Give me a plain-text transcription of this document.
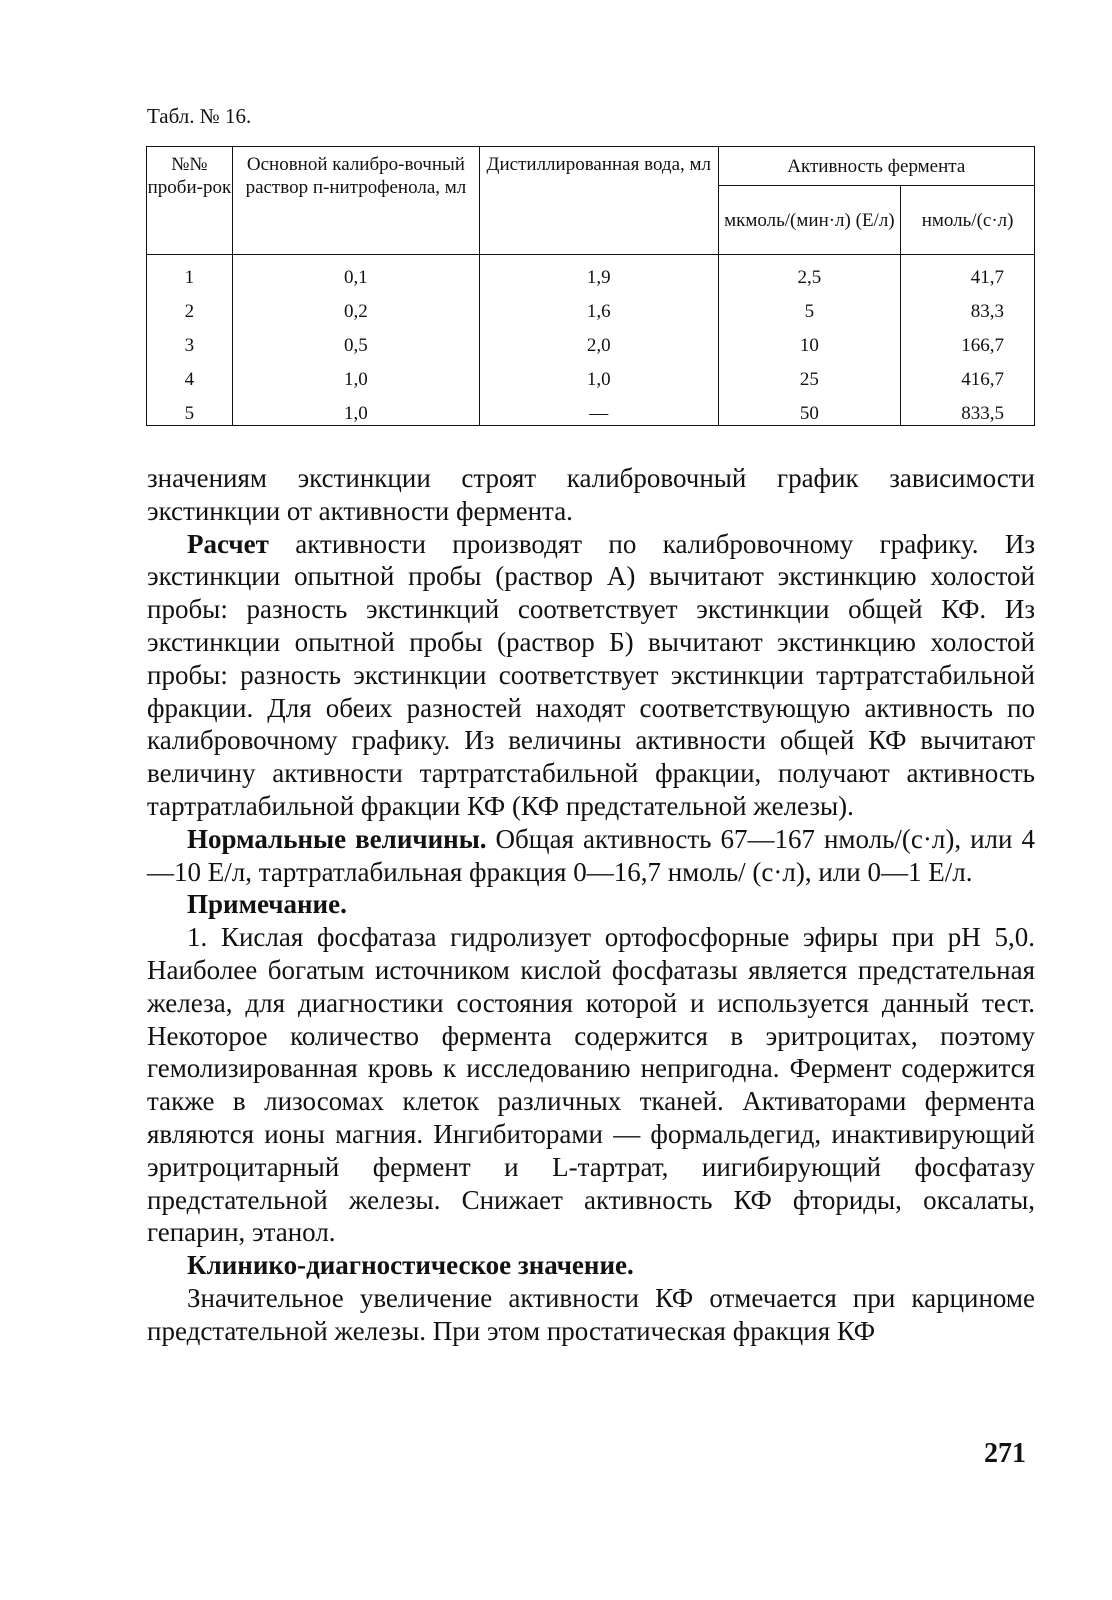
Табл. № 16.
№№ проби-рок	Основной калибро-вочный раствор п-нитрофенола, мл	Дистиллированная вода, мл	Активность фермента	
			мкмоль/(мин·л) (Е/л)	нмоль/(с·л)
1	0,1	1,9	2,5	41,7
2	0,2	1,6	5	83,3
3	0,5	2,0	10	166,7
4	1,0	1,0	25	416,7
5	1,0	—	50	833,5

значениям экстинкции строят калибровочный график зависимости экстинкции от активности фермента.

Расчет активности производят по калибровочному графику. Из экстинкции опытной пробы (раствор А) вычитают экстинкцию холостой пробы: разность экстинкций соответствует экстинкции общей КФ. Из экстинкции опытной пробы (раствор Б) вычитают экстинкцию холостой пробы: разность экстинкции соответствует экстинкции тартратстабильной фракции. Для обеих разностей находят соответствующую активность по калибровочному графику. Из величины активности общей КФ вычитают величину активности тартратстабильной фракции, получают активность тартратлабильной фракции КФ (КФ предстательной железы).

Нормальные величины. Общая активность 67—167 нмоль/(с·л), или 4—10 Е/л, тартратлабильная фракция 0—16,7 нмоль/ (с·л), или 0—1 Е/л.

Примечание.

1. Кислая фосфатаза гидролизует ортофосфорные эфиры при pH 5,0. Наиболее богатым источником кислой фосфатазы является предстательная железа, для диагностики состояния которой и используется данный тест. Некоторое количество фермента содержится в эритроцитах, поэтому гемолизированная кровь к исследованию непригодна. Фермент содержится также в лизосомах клеток различных тканей. Активаторами фермента являются ионы магния. Ингибиторами — формальдегид, инактивирующий эритроцитарный фермент и L-тартрат, иигибирующий фосфатазу предстательной железы. Снижает активность КФ фториды, оксалаты, гепарин, этанол.

Клинико-диагностическое значение.

Значительное увеличение активности КФ отмечается при карциноме предстательной железы. При этом простатическая фракция КФ

271
